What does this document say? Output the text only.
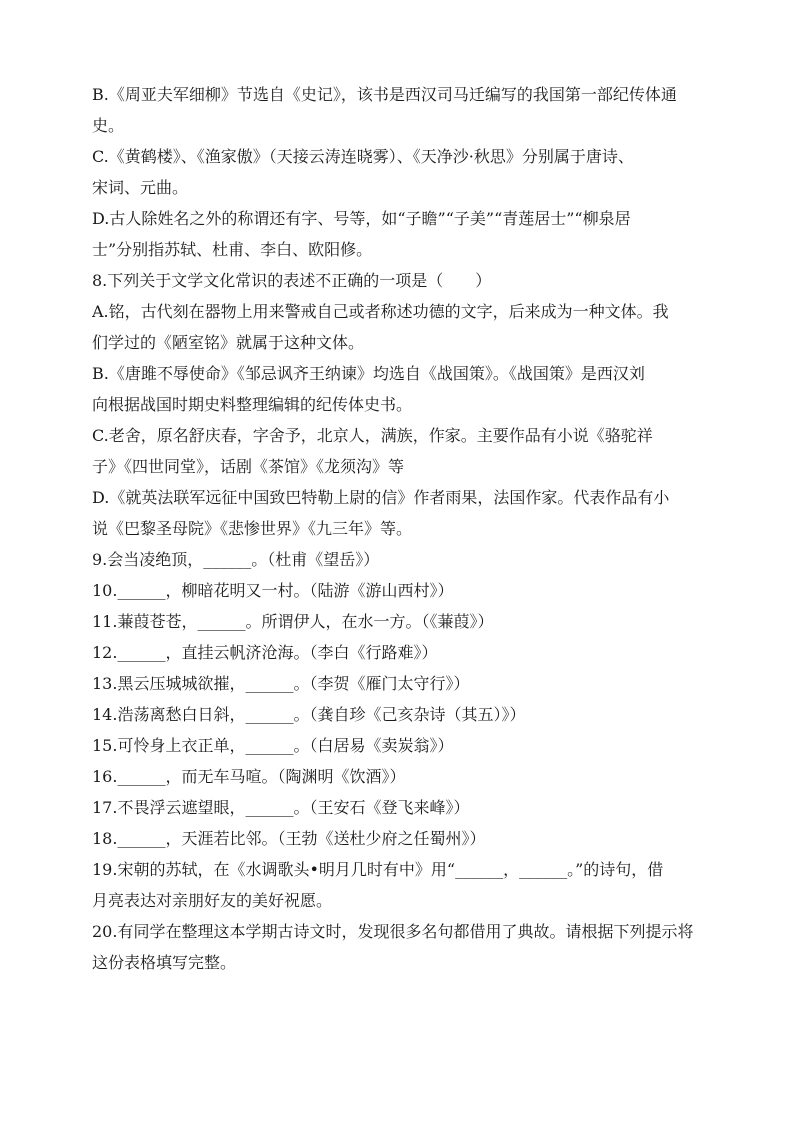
B.《周亚夫军细柳》节选自《史记》，该书是西汉司马迁编写的我国第一部纪传体通
史。
C.《黄鹤楼》、《渔家傲》（天接云涛连晓雾）、《天净沙·秋思》分别属于唐诗、
宋词、元曲。
D.古人除姓名之外的称谓还有字、号等，如“子瞻”“子美”“青莲居士”“柳泉居
士”分别指苏轼、杜甫、李白、欧阳修。
8.下列关于文学文化常识的表述不正确的一项是（　　）
A.铭，古代刻在器物上用来警戒自己或者称述功德的文字，后来成为一种文体。我
们学过的《陋室铭》就属于这种文体。
B.《唐雎不辱使命》《邹忌讽齐王纳谏》均选自《战国策》。《战国策》是西汉刘
向根据战国时期史料整理编辑的纪传体史书。
C.老舍，原名舒庆春，字舍予，北京人，满族，作家。主要作品有小说《骆驼祥
子》《四世同堂》，话剧《茶馆》《龙须沟》等
D.《就英法联军远征中国致巴特勒上尉的信》作者雨果，法国作家。代表作品有小
说《巴黎圣母院》《悲惨世界》《九三年》等。
9.会当凌绝顶，______。（杜甫《望岳》）
10.______，柳暗花明又一村。（陆游《游山西村》）
11.蒹葭苍苍，______。所谓伊人，在水一方。（《蒹葭》）
12.______，直挂云帆济沧海。（李白《行路难》）
13.黑云压城城欲摧，______。（李贺《雁门太守行》）
14.浩荡离愁白日斜，______。（龚自珍《己亥杂诗（其五）》）
15.可怜身上衣正单，______。（白居易《卖炭翁》）
16.______，而无车马喧。（陶渊明《饮酒》）
17.不畏浮云遮望眼，______。（王安石《登飞来峰》）
18.______，天涯若比邻。（王勃《送杜少府之任蜀州》）
19.宋朝的苏轼，在《水调歌头•明月几时有中》用“______，______。”的诗句，借
月亮表达对亲朋好友的美好祝愿。
20.有同学在整理这本学期古诗文时，发现很多名句都借用了典故。请根据下列提示将
这份表格填写完整。
